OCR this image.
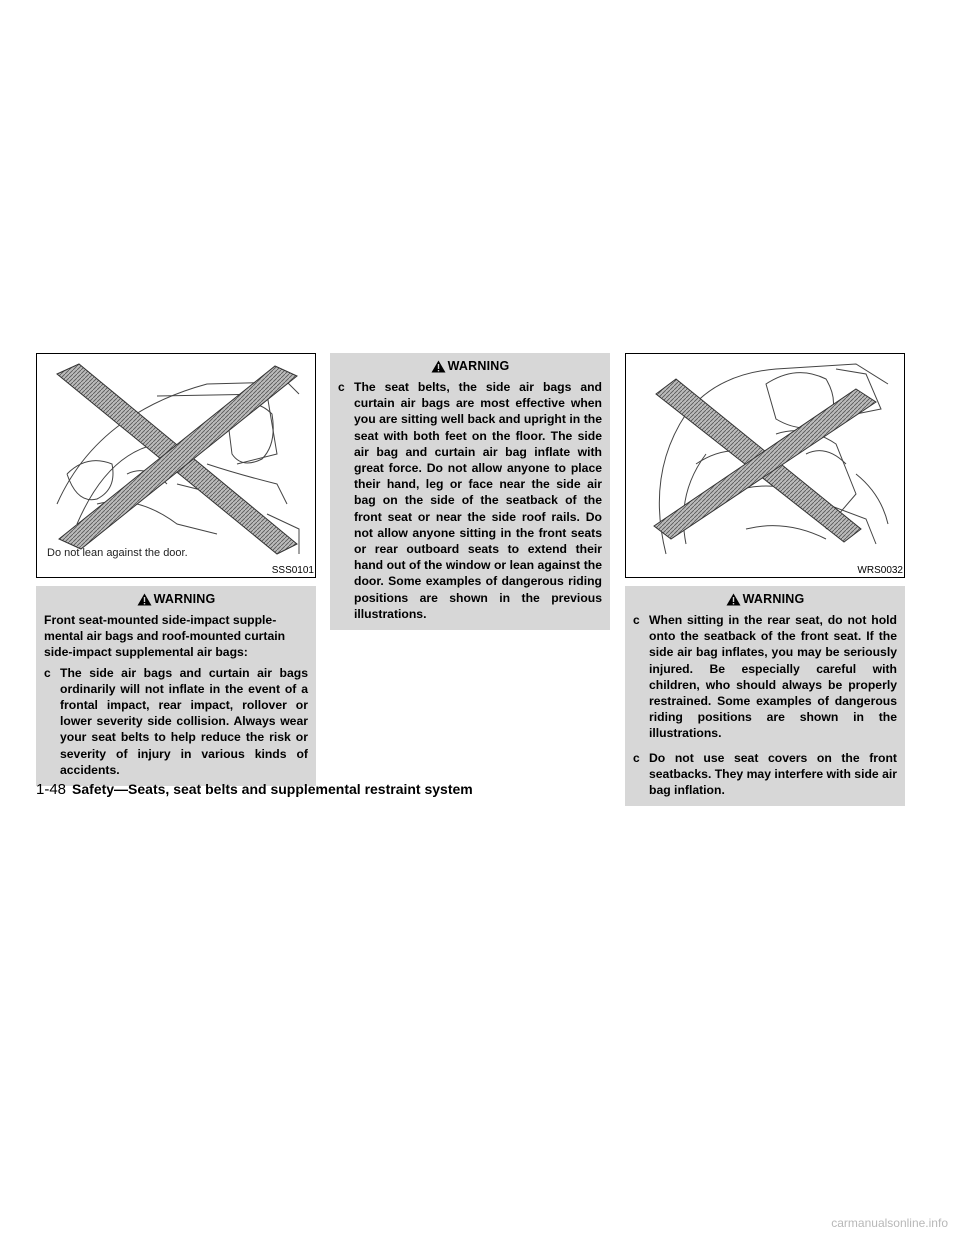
Do not lean against the door.
SSS0101
WARNING
Front seat-mounted side-impact supple-mental air bags and roof-mounted curtain side-impact supplemental air bags:
c The side air bags and curtain air bags ordinarily will not inflate in the event of a frontal impact, rear impact, rollover or lower severity side collision. Always wear your seat belts to help reduce the risk or severity of injury in various kinds of accidents.
WARNING
c The seat belts, the side air bags and curtain air bags are most effective when you are sitting well back and upright in the seat with both feet on the floor. The side air bag and curtain air bag inflate with great force. Do not allow anyone to place their hand, leg or face near the side air bag on the side of the seatback of the front seat or near the side roof rails. Do not allow anyone sitting in the front seats or rear outboard seats to extend their hand out of the window or lean against the door. Some examples of dangerous riding positions are shown in the previous illustrations.
WRS0032
WARNING
c When sitting in the rear seat, do not hold onto the seatback of the front seat. If the side air bag inflates, you may be seriously injured. Be especially careful with children, who should always be properly restrained. Some examples of dangerous riding positions are shown in the illustrations.
c Do not use seat covers on the front seatbacks. They may interfere with side air bag inflation.
1-48 Safety—Seats, seat belts and supplemental restraint system
carmanualsonline.info
